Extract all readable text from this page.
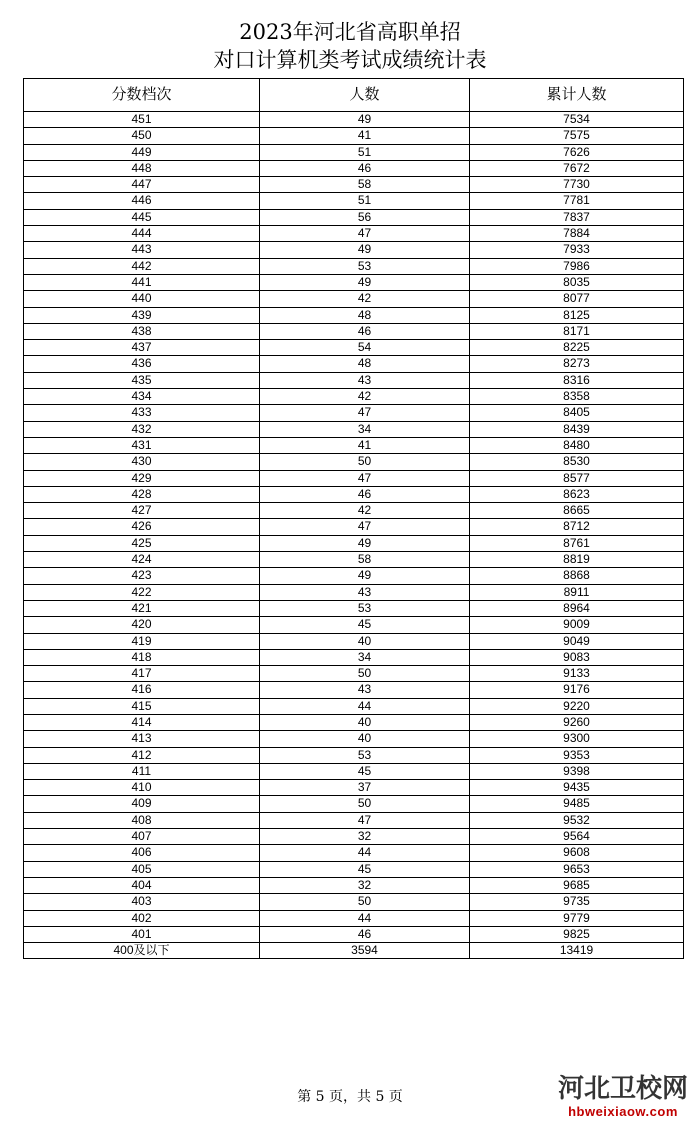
2023年河北省高职单招
对口计算机类考试成绩统计表
分数档次	人数	累计人数
451	49	7534
450	41	7575
449	51	7626
448	46	7672
447	58	7730
446	51	7781
445	56	7837
444	47	7884
443	49	7933
442	53	7986
441	49	8035
440	42	8077
439	48	8125
438	46	8171
437	54	8225
436	48	8273
435	43	8316
434	42	8358
433	47	8405
432	34	8439
431	41	8480
430	50	8530
429	47	8577
428	46	8623
427	42	8665
426	47	8712
425	49	8761
424	58	8819
423	49	8868
422	43	8911
421	53	8964
420	45	9009
419	40	9049
418	34	9083
417	50	9133
416	43	9176
415	44	9220
414	40	9260
413	40	9300
412	53	9353
411	45	9398
410	37	9435
409	50	9485
408	47	9532
407	32	9564
406	44	9608
405	45	9653
404	32	9685
403	50	9735
402	44	9779
401	46	9825
400及以下	3594	13419
第 5 页，共 5 页	河北卫校网
hbweixiaow.com
